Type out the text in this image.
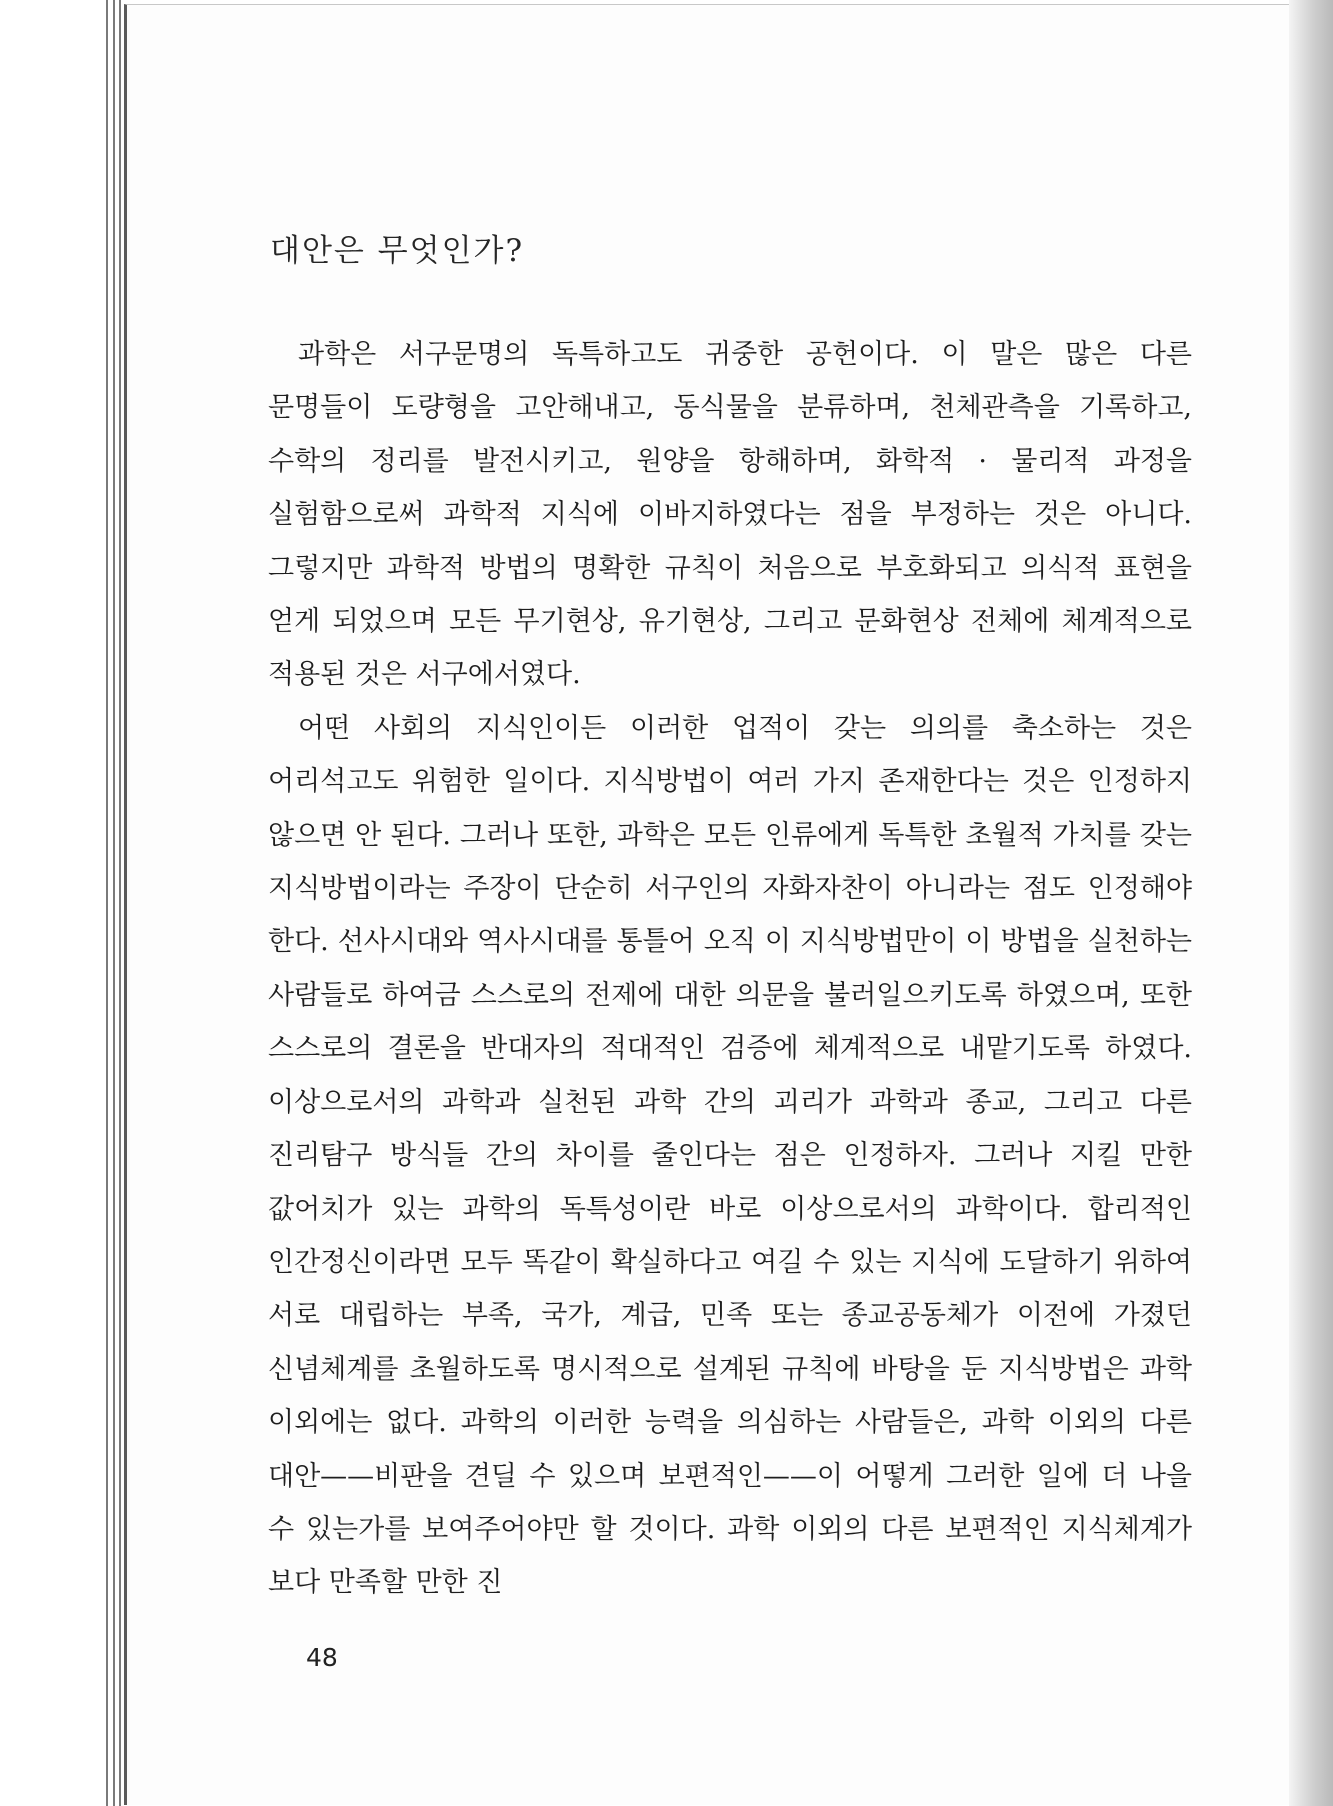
대안은 무엇인가?

과학은 서구문명의 독특하고도 귀중한 공헌이다. 이 말은 많은 다른 문명들이 도량형을 고안해내고, 동식물을 분류하며, 천체관측을 기록하고, 수학의 정리를 발전시키고, 원양을 항해하며, 화학적 · 물리적 과정을 실험함으로써 과학적 지식에 이바지하였다는 점을 부정하는 것은 아니다. 그렇지만 과학적 방법의 명확한 규칙이 처음으로 부호화되고 의식적 표현을 얻게 되었으며 모든 무기현상, 유기현상, 그리고 문화현상 전체에 체계적으로 적용된 것은 서구에서였다.

어떤 사회의 지식인이든 이러한 업적이 갖는 의의를 축소하는 것은 어리석고도 위험한 일이다. 지식방법이 여러 가지 존재한다는 것은 인정하지 않으면 안 된다. 그러나 또한, 과학은 모든 인류에게 독특한 초월적 가치를 갖는 지식방법이라는 주장이 단순히 서구인의 자화자찬이 아니라는 점도 인정해야 한다. 선사시대와 역사시대를 통틀어 오직 이 지식방법만이 이 방법을 실천하는 사람들로 하여금 스스로의 전제에 대한 의문을 불러일으키도록 하였으며, 또한 스스로의 결론을 반대자의 적대적인 검증에 체계적으로 내맡기도록 하였다. 이상으로서의 과학과 실천된 과학 간의 괴리가 과학과 종교, 그리고 다른 진리탐구 방식들 간의 차이를 줄인다는 점은 인정하자. 그러나 지킬 만한 값어치가 있는 과학의 독특성이란 바로 이상으로서의 과학이다. 합리적인 인간정신이라면 모두 똑같이 확실하다고 여길 수 있는 지식에 도달하기 위하여 서로 대립하는 부족, 국가, 계급, 민족 또는 종교공동체가 이전에 가졌던 신념체계를 초월하도록 명시적으로 설계된 규칙에 바탕을 둔 지식방법은 과학 이외에는 없다. 과학의 이러한 능력을 의심하는 사람들은, 과학 이외의 다른 대안——비판을 견딜 수 있으며 보편적인——이 어떻게 그러한 일에 더 나을 수 있는가를 보여주어야만 할 것이다. 과학 이외의 다른 보편적인 지식체계가 보다 만족할 만한 진

48
